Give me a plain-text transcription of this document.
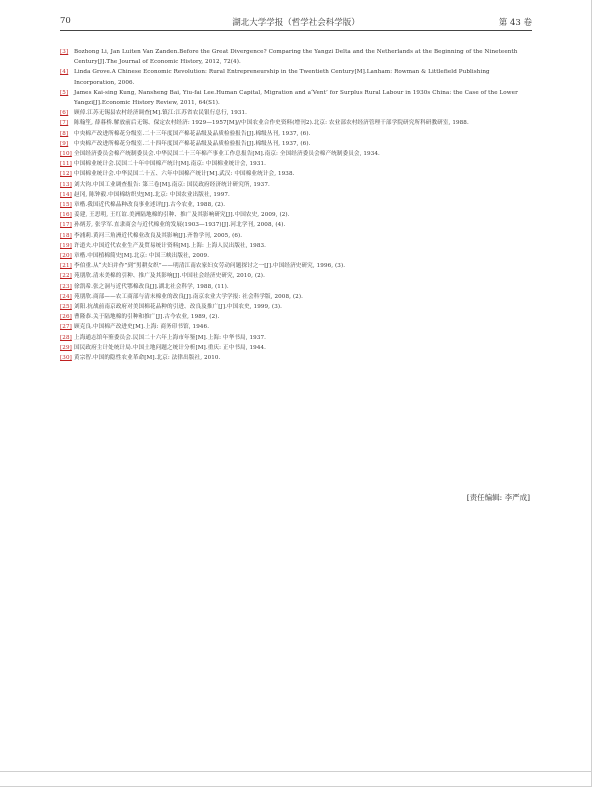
70	湖北大学学报（哲学社会科学版）	第 43 卷
[3] Bozhong Li, Jan Luiten Van Zanden.Before the Great Divergence? Comparing the Yangzi Delta and the Netherlands at the Beginning of the Nineteenth Century[J].The Journal of Economic History, 2012, 72(4).
[4] Linda Grove.A Chinese Economic Revolution: Rural Entrepreneurship in the Twentieth Century[M].Lanham: Rowman & Littlefield Publishing Incorporation, 2006.
[5] James Kai-sing Kung, Nansheng Bai, Yiu-fai Lee.Human Capital, Migration and a‘Vent’ for Surplus Rural Labour in 1930s China: the Case of the Lower Yangzi[J].Economic History Review, 2011, 64(S1).
[6] 顾倬.江苏无锡县农村经济调查[M].镇江:江苏省农民银行总行, 1931.
[7] 陈翰笙, 薛暮桥.解放前后无锡、保定农村经济: 1929—1957[M]//中国农业合作史资料(增刊2).北京: 农业部农村经济管理干部学院研究所科研教研室, 1988.
[8] 中央棉产改进所棉花分级室.二十三年度国产棉花品级及品质检验报告[J].棉级丛刊, 1937, (6).
[9] 中央棉产改进所棉花分级室.二十四年度国产棉花品级及品质检验报告[J].棉级丛刊, 1937, (6).
[10] 全国经济委员会棉产统制委员会.中华民国二十三年棉产事业工作总报告[M].南京: 全国经济委员会棉产统制委员会, 1934.
[11] 中国棉业统计会.民国二十年中国棉产统计[M].南京: 中国棉业统计会, 1931.
[12] 中国棉业统计会.中华民国二十五、六年中国棉产统计[M].武汉: 中国棉业统计会, 1938.
[13] 刘大钧.中国工业调查报告: 第三卷[M].南京: 国民政府经济统计研究所, 1937.
[14] 赵冈, 陈钟毅.中国棉纺织史[M].北京: 中国农业出版社, 1997.
[15] 章楷.我国近代棉品种改良事业述评[J].古今农业, 1988, (2).
[16] 姜建, 王思明, 王红谊.美洲陆地棉的引种、推广及其影响研究[J].中国农史, 2009, (2).
[17] 孙炳芳, 张学军.直隶商会与近代棉业的发展(1903—1937)[J].河北学刊, 2008, (4).
[18] 李浦莉.黄河三角洲近代棉业改良及其影响[J].齐鲁学刊, 2005, (6).
[19] 许道夫.中国近代农业生产及贸易统计资料[M].上海: 上海人民出版社, 1983.
[20] 章楷.中国植棉简史[M].北京: 中国三峡出版社, 2009.
[21] 李伯重.从“夫妇并作”到“男耕女织”——明清江南农家妇女劳动问题探讨之一[J].中国经济史研究, 1996, (3).
[22] 苑朋欣.清末美棉的引种、推广及其影响[J].中国社会经济史研究, 2010, (2).
[23] 徐凯希.张之洞与近代鄂棉改良[J].湖北社会科学, 1988, (11).
[24] 苑朋欣.商部——农工商部与清末棉业的改良[J].南京农业大学学报: 社会科学版, 2008, (2).
[25] 刘阳.抗战前南京政府对美国棉花品种的引进、改良及推广[J].中国农史, 1999, (3).
[26] 曹隆恭.关于陆地棉的引种和推广[J].古今农业, 1989, (2).
[27] 顾克良.中国棉产改进史[M].上海: 商务印书馆, 1946.
[28] 上海通志馆年鉴委员会.民国二十六年上海市年鉴[M].上海: 中华书局, 1937.
[29] 国民政府主计处统计局.中国土地问题之统计分析[M].重庆: 正中书局, 1944.
[30] 黄宗智.中国的隐性农业革命[M].北京: 法律出版社, 2010.
[责任编辑: 李严成]
